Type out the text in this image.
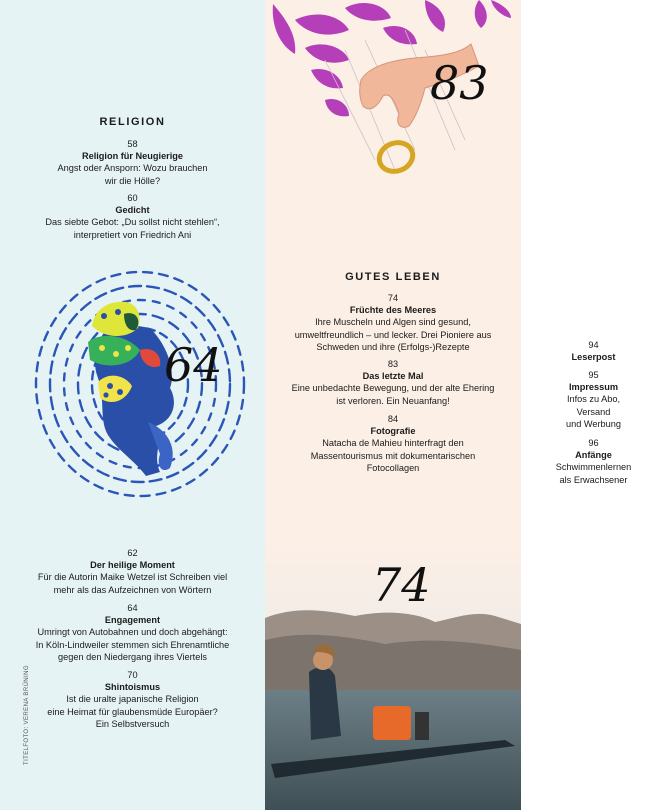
RELIGION
58
Religion für Neugierige
Angst oder Ansporn: Wozu brauchen
wir die Hölle?
60
Gedicht
Das siebte Gebot: „Du sollst nicht stehlen“,
interpretiert von Friedrich Ani
64
62
Der heilige Moment
Für die Autorin Maike Wetzel ist Schreiben viel
mehr als das Aufzeichnen von Wörtern
64
Engagement
Umringt von Autobahnen und doch abgehängt:
In Köln-Lindweiler stemmen sich Ehrenamtliche
gegen den Niedergang ihres Viertels
70
Shintoismus
Ist die uralte japanische Religion
eine Heimat für glaubensmüde Europäer?
Ein Selbstversuch
TITELFOTO: VERENA BRÜNING
83
GUTES LEBEN
74
Früchte des Meeres
Ihre Muscheln und Algen sind gesund,
umweltfreundlich – und lecker. Drei Pioniere aus
Schweden und ihre (Erfolgs-)Rezepte
83
Das letzte Mal
Eine unbedachte Bewegung, und der alte Ehering
ist verloren. Ein Neuanfang!
84
Fotografie
Natacha de Mahieu hinterfragt den
Massentourismus mit dokumentarischen
Fotocollagen
74
94
Leserpost
95
Impressum
Infos zu Abo,
Versand
und Werbung
96
Anfänge
Schwimmenlernen
als Erwachsener
